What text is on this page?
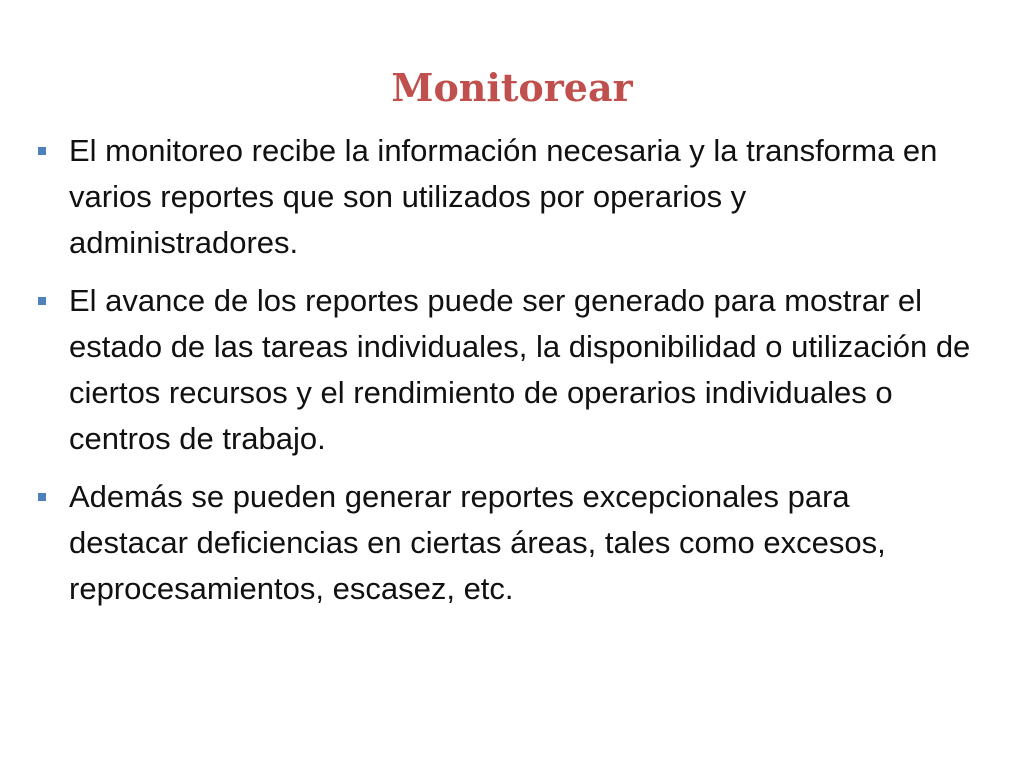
Monitorear
El monitoreo recibe la información necesaria y la transforma en varios reportes que son utilizados por operarios y administradores.
El avance de los reportes puede ser generado para mostrar el estado de las tareas individuales, la disponibilidad o utilización de ciertos recursos y el rendimiento de operarios individuales o centros de trabajo.
Además se pueden generar reportes excepcionales para destacar deficiencias en ciertas áreas, tales como excesos, reprocesamientos, escasez, etc.
